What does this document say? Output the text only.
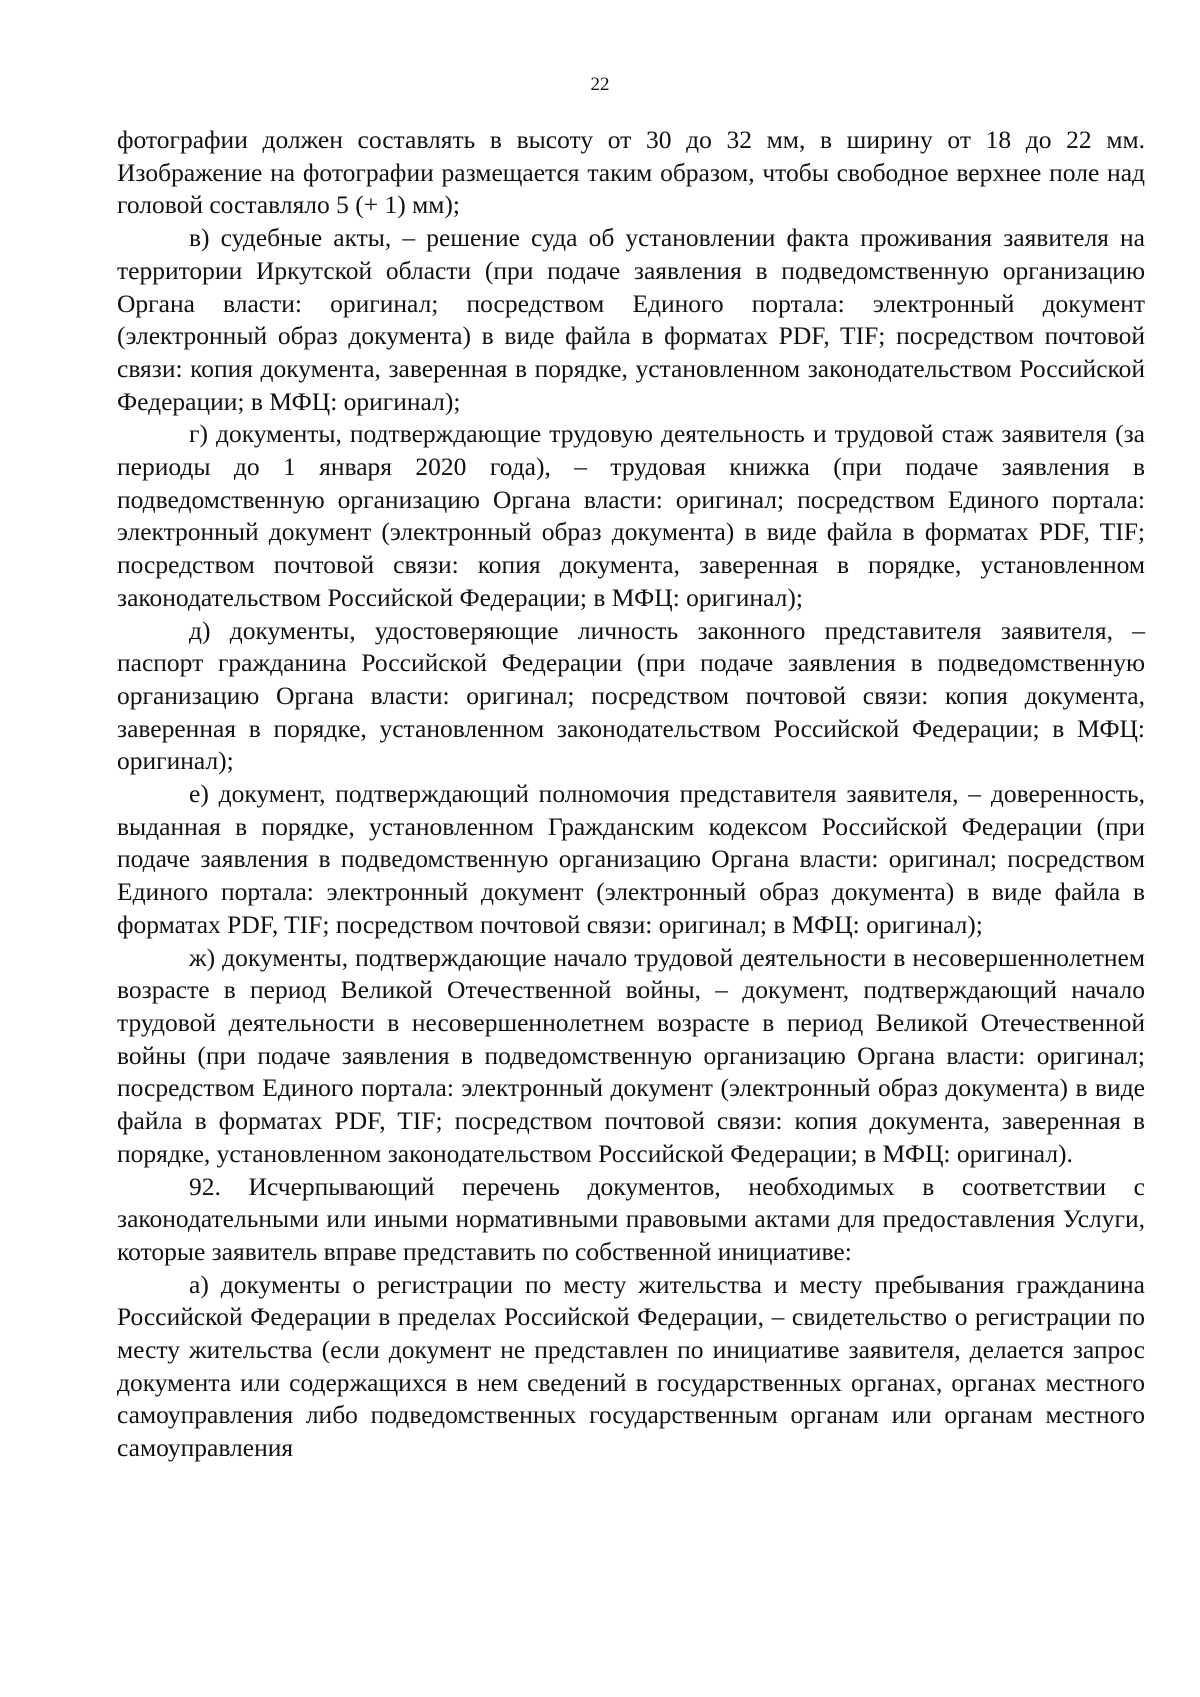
22

фотографии должен составлять в высоту от 30 до 32 мм, в ширину от 18 до 22 мм. Изображение на фотографии размещается таким образом, чтобы свободное верхнее поле над головой составляло 5 (+ 1) мм);

в) судебные акты, – решение суда об установлении факта проживания заявителя на территории Иркутской области (при подаче заявления в подведомственную организацию Органа власти: оригинал; посредством Единого портала: электронный документ (электронный образ документа) в виде файла в форматах PDF, TIF; посредством почтовой связи: копия документа, заверенная в порядке, установленном законодательством Российской Федерации; в МФЦ: оригинал);

г) документы, подтверждающие трудовую деятельность и трудовой стаж заявителя (за периоды до 1 января 2020 года), – трудовая книжка (при подаче заявления в подведомственную организацию Органа власти: оригинал; посредством Единого портала: электронный документ (электронный образ документа) в виде файла в форматах PDF, TIF; посредством почтовой связи: копия документа, заверенная в порядке, установленном законодательством Российской Федерации; в МФЦ: оригинал);

д) документы, удостоверяющие личность законного представителя заявителя, – паспорт гражданина Российской Федерации (при подаче заявления в подведомственную организацию Органа власти: оригинал; посредством почтовой связи: копия документа, заверенная в порядке, установленном законодательством Российской Федерации; в МФЦ: оригинал);

е) документ, подтверждающий полномочия представителя заявителя, – доверенность, выданная в порядке, установленном Гражданским кодексом Российской Федерации (при подаче заявления в подведомственную организацию Органа власти: оригинал; посредством Единого портала: электронный документ (электронный образ документа) в виде файла в форматах PDF, TIF; посредством почтовой связи: оригинал; в МФЦ: оригинал);

ж) документы, подтверждающие начало трудовой деятельности в несовершеннолетнем возрасте в период Великой Отечественной войны, – документ, подтверждающий начало трудовой деятельности в несовершеннолетнем возрасте в период Великой Отечественной войны (при подаче заявления в подведомственную организацию Органа власти: оригинал; посредством Единого портала: электронный документ (электронный образ документа) в виде файла в форматах PDF, TIF; посредством почтовой связи: копия документа, заверенная в порядке, установленном законодательством Российской Федерации; в МФЦ: оригинал).

92. Исчерпывающий перечень документов, необходимых в соответствии с законодательными или иными нормативными правовыми актами для предоставления Услуги, которые заявитель вправе представить по собственной инициативе:

а) документы о регистрации по месту жительства и месту пребывания гражданина Российской Федерации в пределах Российской Федерации, – свидетельство о регистрации по месту жительства (если документ не представлен по инициативе заявителя, делается запрос документа или содержащихся в нем сведений в государственных органах, органах местного самоуправления либо подведомственных государственным органам или органам местного самоуправления
